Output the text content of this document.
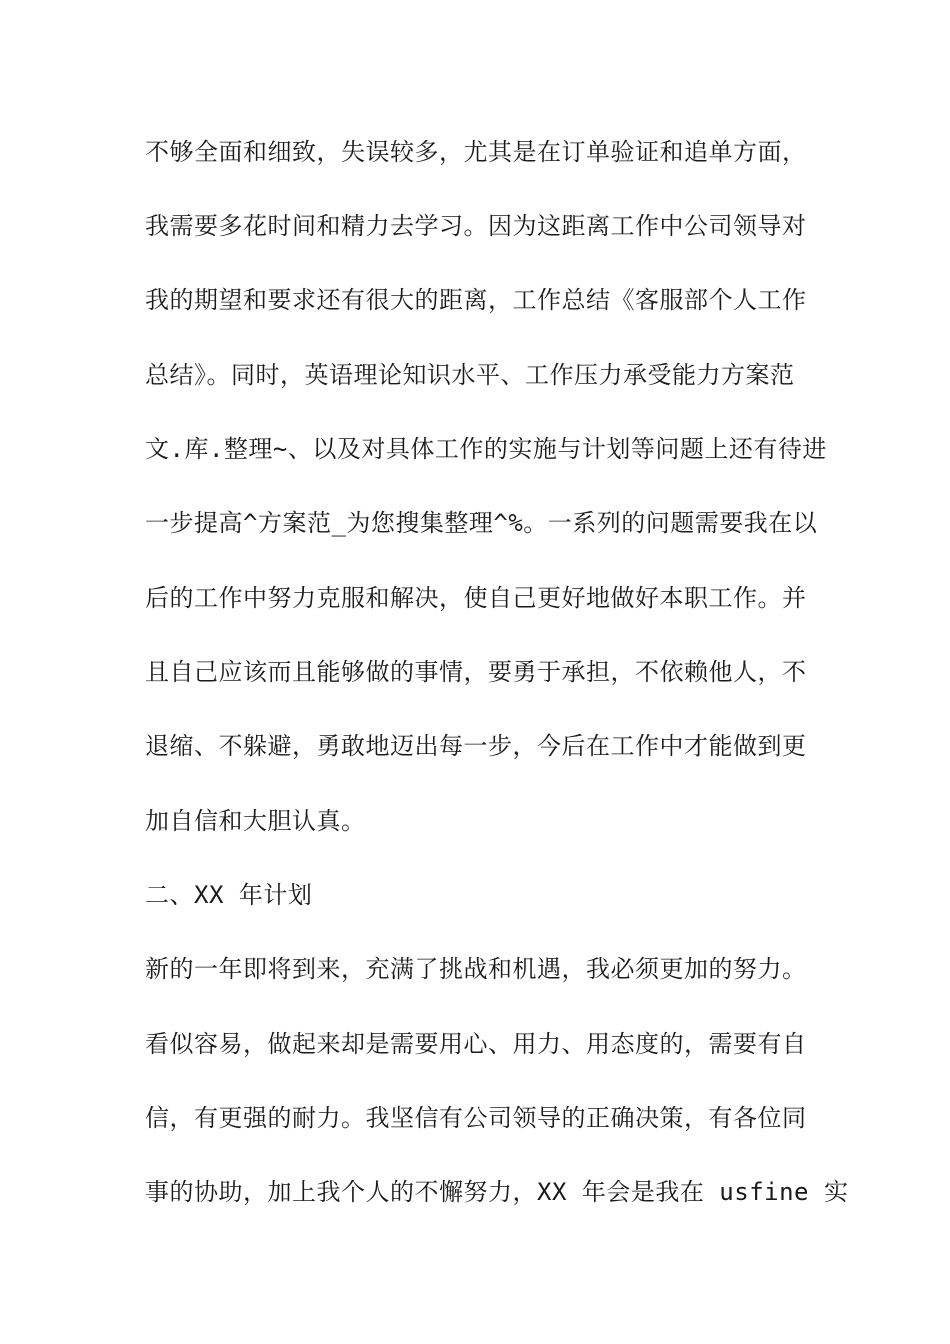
不够全面和细致，失误较多，尤其是在订单验证和追单方面，
我需要多花时间和精力去学习。因为这距离工作中公司领导对
我的期望和要求还有很大的距离，工作总结《客服部个人工作
总结》。同时，英语理论知识水平、工作压力承受能力方案范
文.库.整理~、以及对具体工作的实施与计划等问题上还有待进
一步提高^方案范_为您搜集整理^%。一系列的问题需要我在以
后的工作中努力克服和解决，使自己更好地做好本职工作。并
且自己应该而且能够做的事情，要勇于承担，不依赖他人，不
退缩、不躲避，勇敢地迈出每一步，今后在工作中才能做到更
加自信和大胆认真。
二、XX 年计划
新的一年即将到来，充满了挑战和机遇，我必须更加的努力。
看似容易，做起来却是需要用心、用力、用态度的，需要有自
信，有更强的耐力。我坚信有公司领导的正确决策，有各位同
事的协助，加上我个人的不懈努力，XX 年会是我在 usfine 实
